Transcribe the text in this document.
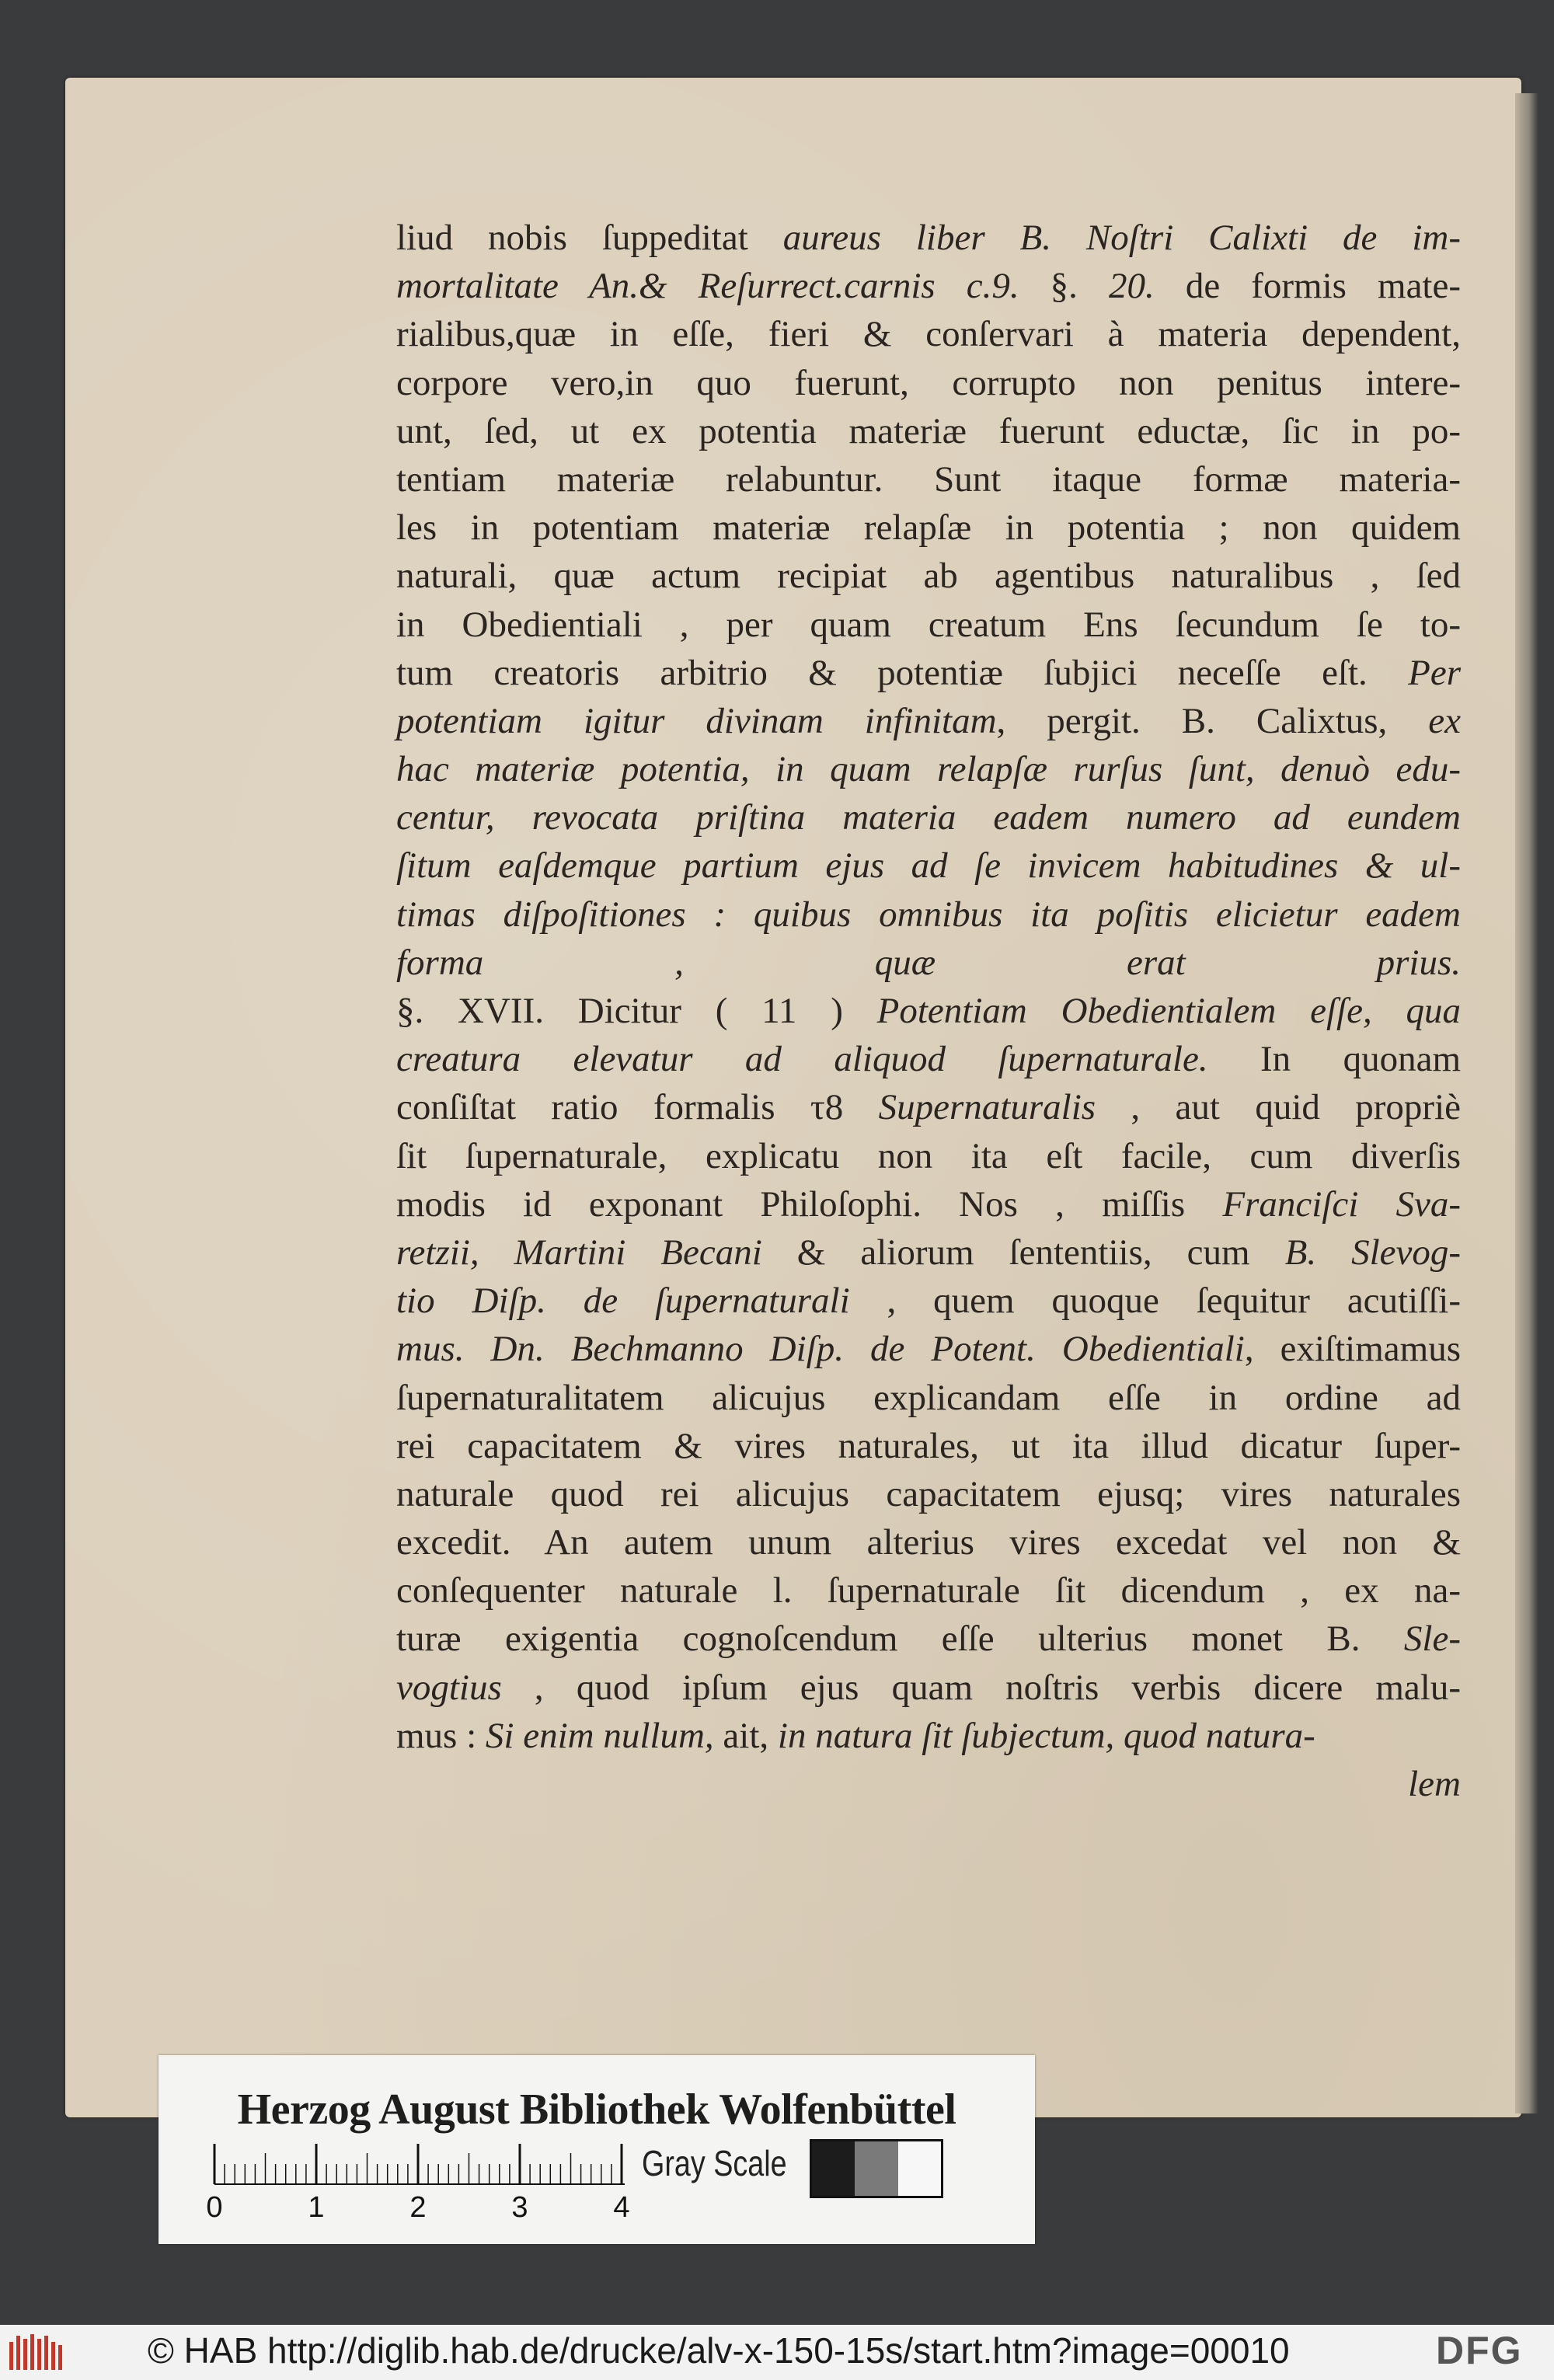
liud nobis ſuppeditat aureus liber B. Noſtri Calixti de im-
mortalitate An.& Reſurrect.carnis c.9. §. 20. de formis mate-
rialibus,quæ in eſſe, fieri & conſervari à materia dependent,
corpore vero,in quo fuerunt, corrupto non penitus intere-
unt, ſed, ut ex potentia materiæ fuerunt eductæ, ſic in po-
tentiam materiæ relabuntur. Sunt itaque formæ materia-
les in potentiam materiæ relapſæ in potentia ; non quidem
naturali, quæ actum recipiat ab agentibus naturalibus , ſed
in Obedientiali , per quam creatum Ens ſecundum ſe to-
tum creatoris arbitrio & potentiæ ſubjici neceſſe eſt. Per
potentiam igitur divinam infinitam, pergit. B. Calixtus, ex
hac materiæ potentia, in quam relapſæ rurſus ſunt, denuò edu-
centur, revocata priſtina materia eadem numero ad eundem
ſitum eaſdemque partium ejus ad ſe invicem habitudines & ul-
timas diſpoſitiones : quibus omnibus ita poſitis elicietur eadem
forma , quæ erat prius.
§. XVII. Dicitur ( 11 ) Potentiam Obedientialem eſſe, qua
creatura elevatur ad aliquod ſupernaturale. In quonam
conſiſtat ratio formalis τ8 Supernaturalis , aut quid propriè
ſit ſupernaturale, explicatu non ita eſt facile, cum diverſis
modis id exponant Philoſophi. Nos , miſſis Franciſci Sva-
retzii, Martini Becani & aliorum ſententiis, cum B. Slevog-
tio Diſp. de ſupernaturali , quem quoque ſequitur acutiſſi-
mus. Dn. Bechmanno Diſp. de Potent. Obedientiali, exiſtimamus
ſupernaturalitatem alicujus explicandam eſſe in ordine ad
rei capacitatem & vires naturales, ut ita illud dicatur ſuper-
naturale quod rei alicujus capacitatem ejusq; vires naturales
excedit. An autem unum alterius vires excedat vel non &
conſequenter naturale l. ſupernaturale ſit dicendum , ex na-
turæ exigentia cognoſcendum eſſe ulterius monet B. Sle-
vogtius , quod ipſum ejus quam noſtris verbis dicere malu-
mus : Si enim nullum, ait, in natura ſit ſubjectum, quod natura-
lem
Herzog August Bibliothek Wolfenbüttel
0	1	2	3	4
Gray Scale
© HAB http://diglib.hab.de/drucke/alv-x-150-15s/start.htm?image=00010	DFG
